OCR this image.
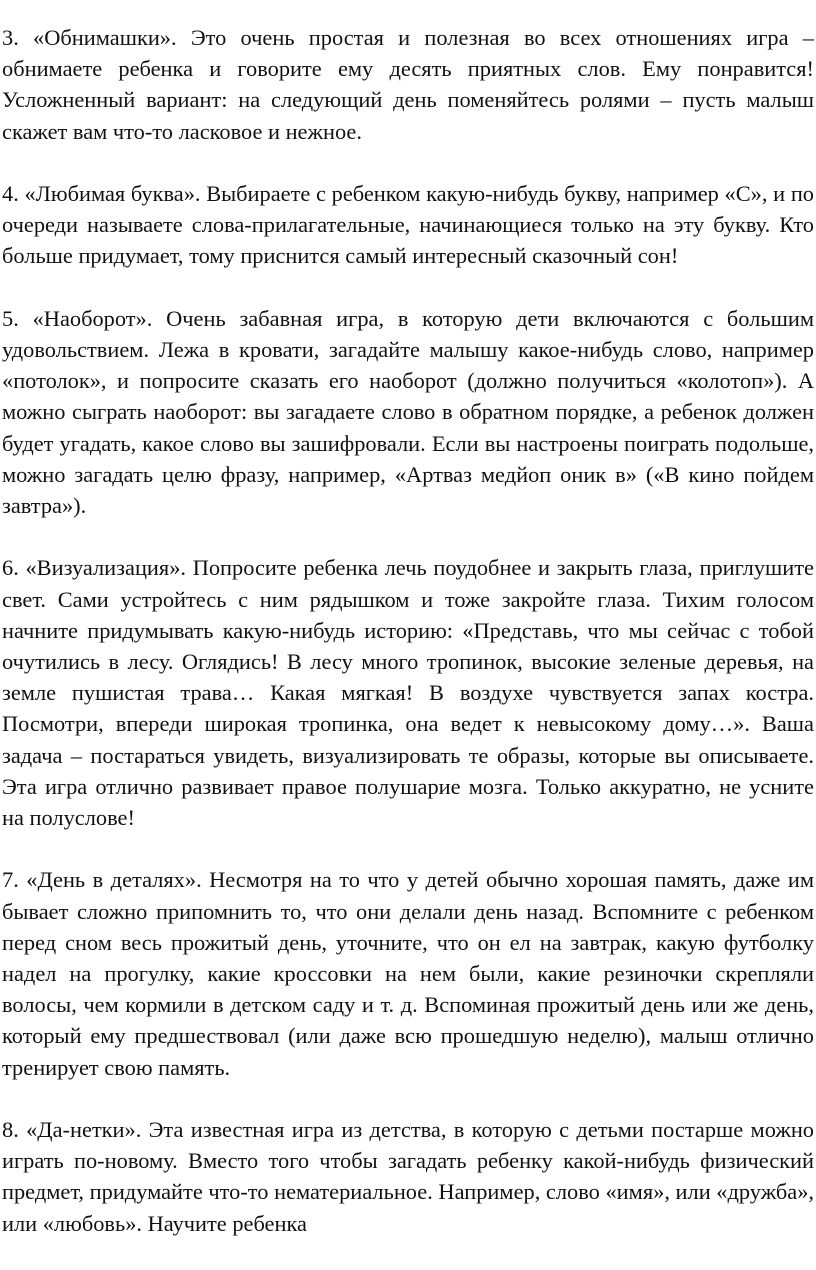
3. «Обнимашки». Это очень простая и полезная во всех отношениях игра – обнимаете ребенка и говорите ему десять приятных слов. Ему понравится! Усложненный вариант: на следующий день поменяйтесь ролями – пусть малыш скажет вам что-то ласковое и нежное.

4. «Любимая буква». Выбираете с ребенком какую-нибудь букву, например «С», и по очереди называете слова-прилагательные, начинающиеся только на эту букву. Кто больше придумает, тому приснится самый интересный сказочный сон!

5. «Наоборот». Очень забавная игра, в которую дети включаются с большим удовольствием. Лежа в кровати, загадайте малышу какое-нибудь слово, например «потолок», и попросите сказать его наоборот (должно получиться «колотоп»). А можно сыграть наоборот: вы загадаете слово в обратном порядке, а ребенок должен будет угадать, какое слово вы зашифровали. Если вы настроены поиграть подольше, можно загадать целю фразу, например, «Артваз медйоп оник в» («В кино пойдем завтра»).

6. «Визуализация». Попросите ребенка лечь поудобнее и закрыть глаза, приглушите свет. Сами устройтесь с ним рядышком и тоже закройте глаза. Тихим голосом начните придумывать какую-нибудь историю: «Представь, что мы сейчас с тобой очутились в лесу. Оглядись! В лесу много тропинок, высокие зеленые деревья, на земле пушистая трава… Какая мягкая! В воздухе чувствуется запах костра. Посмотри, впереди широкая тропинка, она ведет к невысокому дому…». Ваша задача – постараться увидеть, визуализировать те образы, которые вы описываете. Эта игра отлично развивает правое полушарие мозга. Только аккуратно, не усните на полуслове!

7. «День в деталях». Несмотря на то что у детей обычно хорошая память, даже им бывает сложно припомнить то, что они делали день назад. Вспомните с ребенком перед сном весь прожитый день, уточните, что он ел на завтрак, какую футболку надел на прогулку, какие кроссовки на нем были, какие резиночки скрепляли волосы, чем кормили в детском саду и т. д. Вспоминая прожитый день или же день, который ему предшествовал (или даже всю прошедшую неделю), малыш отлично тренирует свою память.

8. «Да-нетки». Эта известная игра из детства, в которую с детьми постарше можно играть по-новому. Вместо того чтобы загадать ребенку какой-нибудь физический предмет, придумайте что-то нематериальное. Например, слово «имя», или «дружба», или «любовь». Научите ребенка
